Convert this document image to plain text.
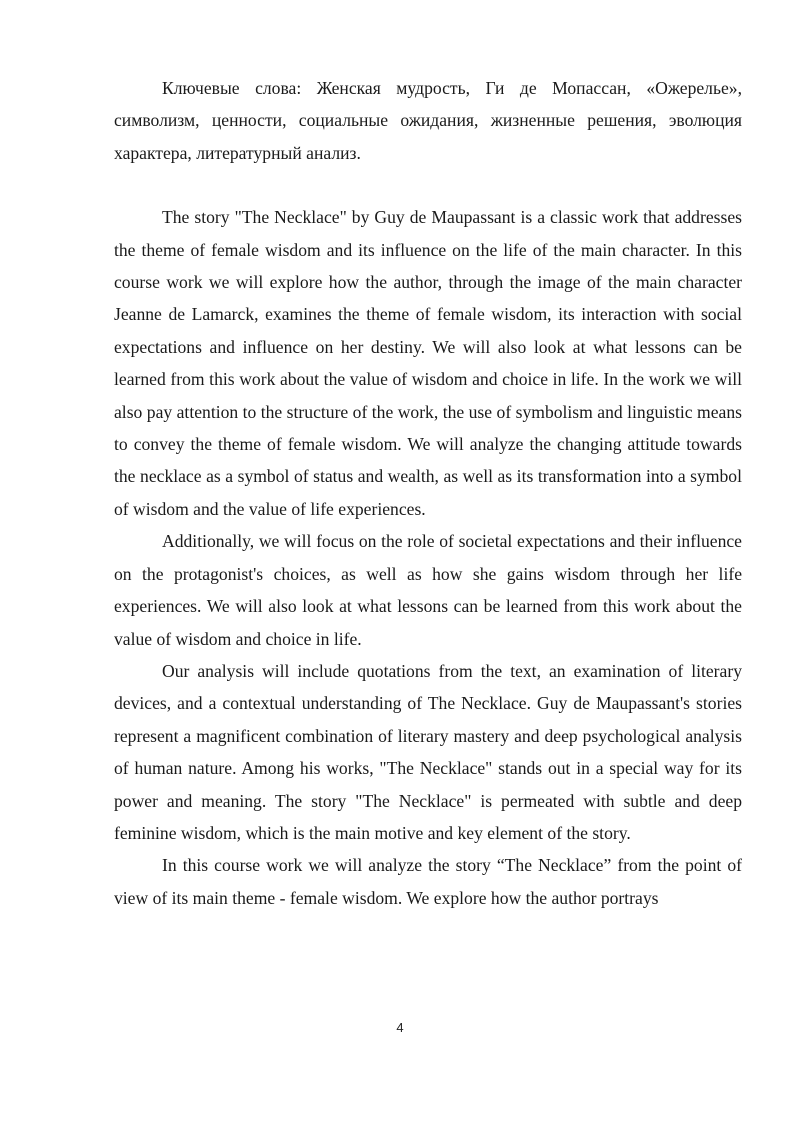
Ключевые слова: Женская мудрость, Ги де Мопассан, «Ожерелье», символизм, ценности, социальные ожидания, жизненные решения, эволюция характера, литературный анализ.

The story "The Necklace" by Guy de Maupassant is a classic work that addresses the theme of female wisdom and its influence on the life of the main character. In this course work we will explore how the author, through the image of the main character Jeanne de Lamarck, examines the theme of female wisdom, its interaction with social expectations and influence on her destiny. We will also look at what lessons can be learned from this work about the value of wisdom and choice in life. In the work we will also pay attention to the structure of the work, the use of symbolism and linguistic means to convey the theme of female wisdom. We will analyze the changing attitude towards the necklace as a symbol of status and wealth, as well as its transformation into a symbol of wisdom and the value of life experiences.

Additionally, we will focus on the role of societal expectations and their influence on the protagonist's choices, as well as how she gains wisdom through her life experiences. We will also look at what lessons can be learned from this work about the value of wisdom and choice in life.

Our analysis will include quotations from the text, an examination of literary devices, and a contextual understanding of The Necklace. Guy de Maupassant's stories represent a magnificent combination of literary mastery and deep psychological analysis of human nature. Among his works, "The Necklace" stands out in a special way for its power and meaning. The story "The Necklace" is permeated with subtle and deep feminine wisdom, which is the main motive and key element of the story.

In this course work we will analyze the story “The Necklace” from the point of view of its main theme - female wisdom. We explore how the author portrays

4
